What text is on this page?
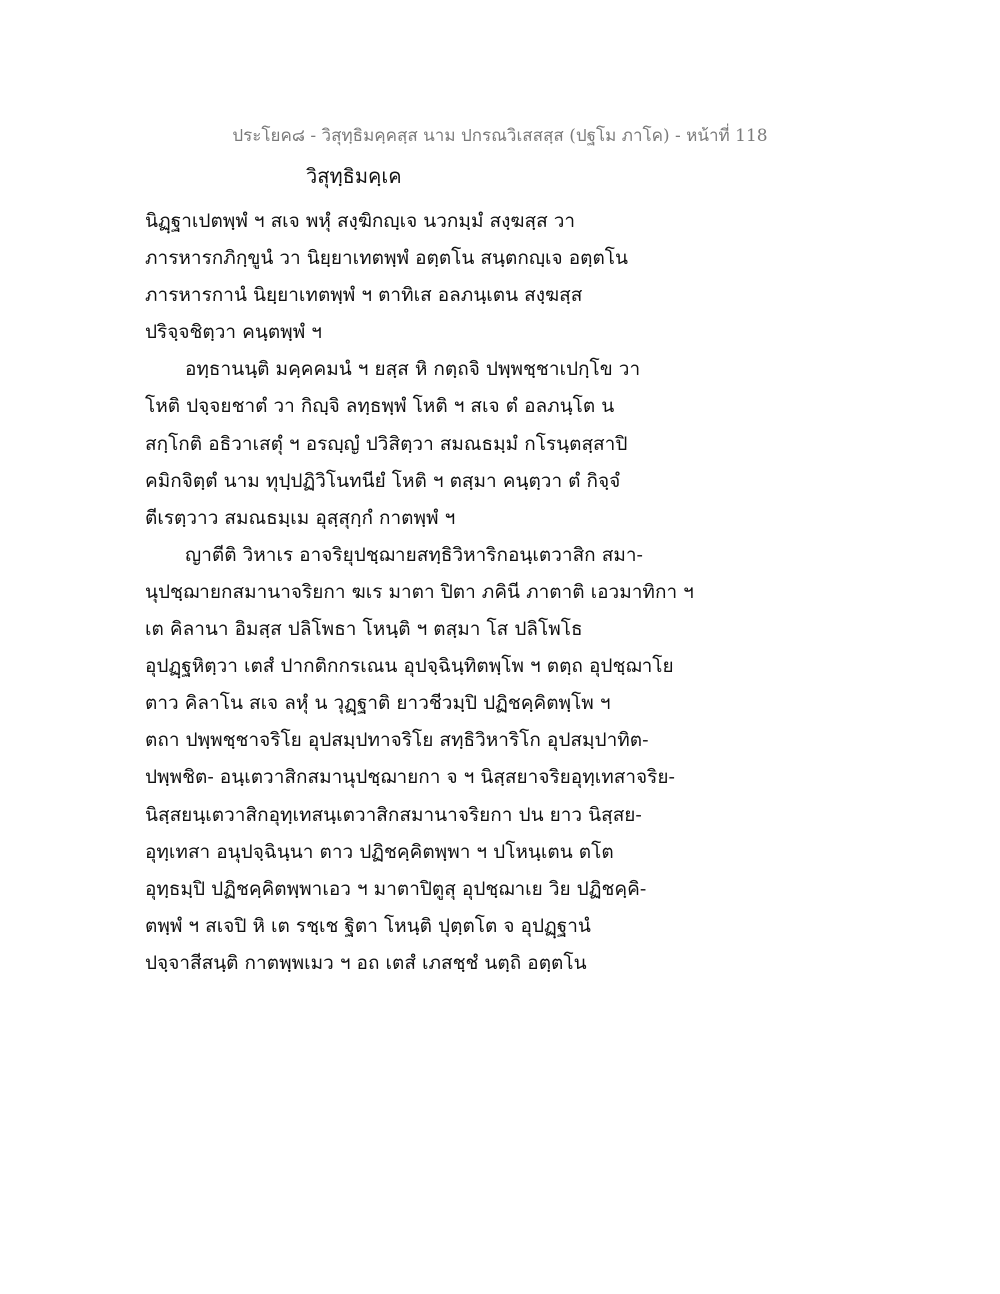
ประโยค๘ - วิสุทฺธิมคฺคสฺส นาม ปกรณวิเสสสฺส (ปฐโม ภาโค) - หน้าที่ 118
วิสุทฺธิมคฺเค
นิฏฺฐาเปตพฺพํ ฯ สเจ พหุํ สงฺฆิกญฺเจ นวกมฺมํ สงฺฆสฺส วา
ภารหารกภิกฺขูนํ วา นิยฺยาเทตพฺพํ อตฺตโน สนฺตกญฺเจ อตฺตโน
ภารหารกานํ นิยฺยาเทตพฺพํ ฯ ตาทิเส อลภนฺเตน สงฺฆสฺส
ปริจฺจชิตฺวา คนฺตพฺพํ ฯ
อทฺธานนฺติ มคฺคคมนํ ฯ ยสฺส หิ กตฺถจิ ปพฺพชฺชาเปกฺโข วา
โหติ ปจฺจยชาตํ วา กิญฺจิ ลทฺธพฺพํ โหติ ฯ สเจ ตํ อลภนฺโต น
สกฺโกติ อธิวาเสตุํ ฯ อรญฺญํ ปวิสิตฺวา สมณธมฺมํ กโรนฺตสฺสาปิ
คมิกจิตฺตํ นาม ทุปฺปฏิวิโนทนียํ โหติ ฯ ตสฺมา คนฺตฺวา ตํ กิจฺจํ
ตีเรตฺวาว สมณธมฺเม อุสฺสุกฺกํ กาตพฺพํ ฯ
ญาตีติ วิหาเร อาจริยุปชฺฌายสทฺธิวิหาริกอนฺเตวาสิก สมา-
นุปชฺฌายกสมานาจริยกา ฆเร มาตา ปิตา ภคินี ภาตาติ เอวมาทิกา ฯ
เต คิลานา อิมสฺส ปลิโพธา โหนฺติ ฯ ตสฺมา โส ปลิโพโธ
อุปฏฺฐหิตฺวา เตสํ ปากติกกรเณน อุปจฺฉินฺทิตพฺโพ ฯ ตตฺถ อุปชฺฌาโย
ตาว คิลาโน สเจ ลหุํ น วุฏฺฐาติ ยาวชีวมฺปิ ปฏิชคฺคิตพฺโพ ฯ
ตถา ปพฺพชฺชาจริโย อุปสมฺปทาจริโย สทฺธิวิหาริโก อุปสมฺปาทิต-
ปพฺพชิต- อนฺเตวาสิกสมานุปชฺฌายกา จ ฯ นิสฺสยาจริยอุทฺเทสาจริย-
นิสฺสยนฺเตวาสิกอุทฺเทสนฺเตวาสิกสมานาจริยกา ปน ยาว นิสฺสย-
อุทฺเทสา อนุปจฺฉินฺนา ตาว ปฏิชคฺคิตพฺพา ฯ ปโหนฺเตน ตโต
อุทฺธมฺปิ ปฏิชคฺคิตพฺพาเอว ฯ มาตาปิตูสุ อุปชฺฌาเย วิย ปฏิชคฺคิ-
ตพฺพํ ฯ สเจปิ หิ เต รชฺเช ฐิตา โหนฺติ ปุตฺตโต จ อุปฏฺฐานํ
ปจฺจาสีสนฺติ กาตพฺพเมว ฯ อถ เตสํ เภสชฺชํ นตฺถิ อตฺตโน
